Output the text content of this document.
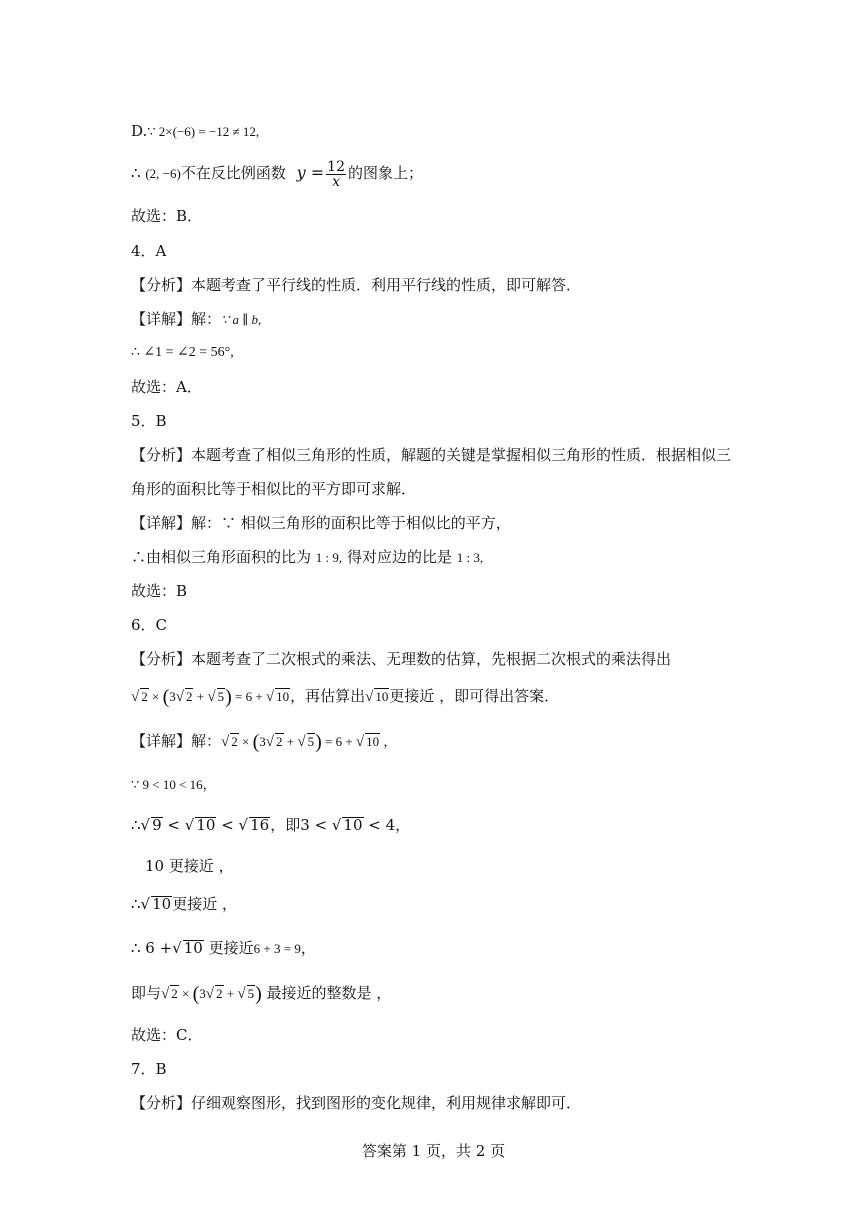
D.∵ 2×(−6) = −12 ≠ 12,
∴ (2, −6)不在反比例函数 $y = \frac{12}{x}$ 的图象上；
故选：B．
4．A
【分析】本题考查了平行线的性质．利用平行线的性质，即可解答．
【详解】解：∵ a ∥ b,
∴ ∠1 = ∠2 = 56°,
故选：A．
5．B
【分析】本题考查了相似三角形的性质，解题的关键是掌握相似三角形的性质．根据相似三
角形的面积比等于相似比的平方即可求解．
【详解】解：∵ 相似三角形的面积比等于相似比的平方，
∴由相似三角形面积的比为 1 : 9, 得对应边的比是 1 : 3,
故选：B
6．C
【分析】本题考查了二次根式的乘法、无理数的估算，先根据二次根式的乘法得出
√ 2 × (3√ 2 + √ 5) = 6 + √ 10，再估算出√ 10更接近 ，即可得出答案．
【详解】解：√ 2 × (3√ 2 + √ 5) = 6 + √ 10 ，
∵ 9 < 10 < 16，
∴√ 9 < √ 10 < √ 16，即3 < √ 10 < 4，
10 更接近 ，
∴√ 10更接近 ，
∴ 6 +√ 10 更接近6 + 3 = 9，
即与√ 2 × (3√ 2 + √ 5) 最接近的整数是 ，
故选：C．
7．B
【分析】仔细观察图形，找到图形的变化规律，利用规律求解即可．
答案第 1 页，共 2 页
